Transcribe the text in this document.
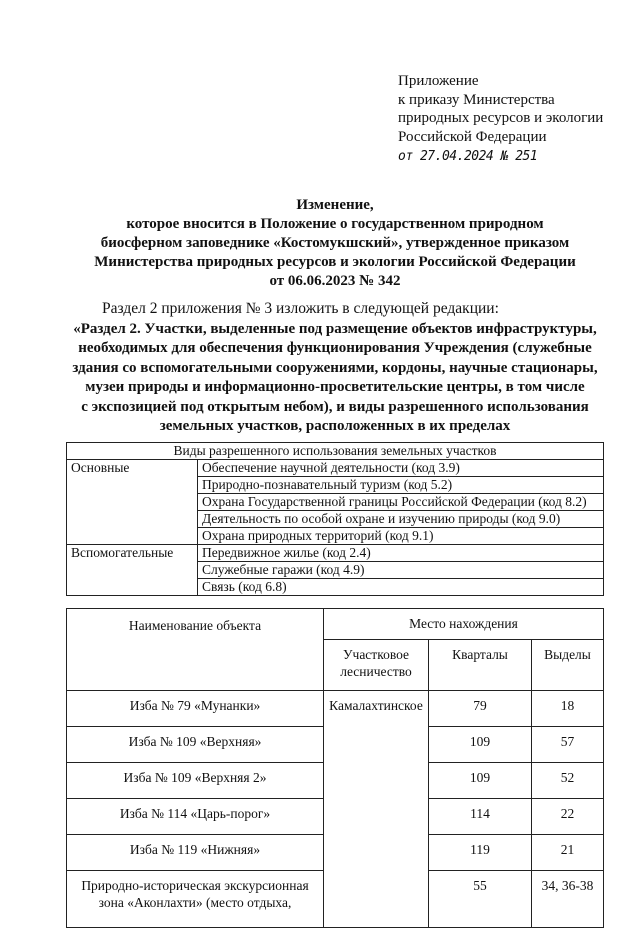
Приложение
к приказу Министерства
природных ресурсов и экологии
Российской Федерации
от 27.04.2024 № 251
Изменение,
которое вносится в Положение о государственном природном
биосферном заповеднике «Костомукшский», утвержденное приказом
Министерства природных ресурсов и экологии Российской Федерации
от 06.06.2023 № 342
Раздел 2 приложения № 3 изложить в следующей редакции:
«Раздел 2. Участки, выделенные под размещение объектов инфраструктуры,
необходимых для обеспечения функционирования Учреждения (служебные
здания со вспомогательными сооружениями, кордоны, научные стационары,
музеи природы и информационно-просветительские центры, в том числе
с экспозицией под открытым небом), и виды разрешенного использования
земельных участков, расположенных в их пределах
Виды разрешенного использования земельных участков	
Основные	Обеспечение научной деятельности (код 3.9)
	Природно-познавательный туризм (код 5.2)
	Охрана Государственной границы Российской Федерации (код 8.2)
	Деятельность по особой охране и изучению природы (код 9.0)
	Охрана природных территорий (код 9.1)
Вспомогательные	Передвижное жилье (код 2.4)
	Служебные гаражи (код 4.9)
	Связь (код 6.8)
Наименование объекта	Место нахождения		
	Участковое лесничество	Кварталы	Выделы
Изба № 79 «Мунанки»	Камалахтинское	79	18
Изба № 109 «Верхняя»		109	57
Изба № 109 «Верхняя 2»		109	52
Изба № 114 «Царь-порог»		114	22
Изба № 119 «Нижняя»		119	21
Природно-историческая экскурсионная зона «Аконлахти» (место отдыха,		55	34, 36-38
